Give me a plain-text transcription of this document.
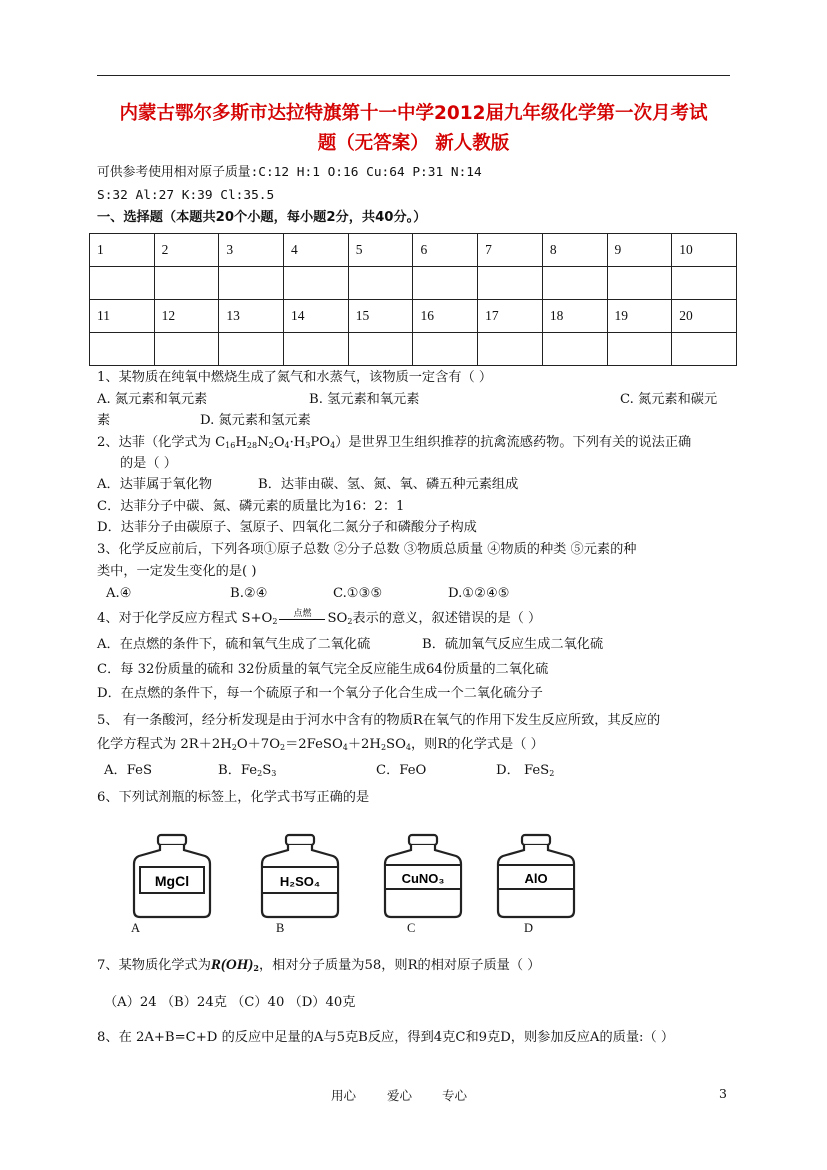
内蒙古鄂尔多斯市达拉特旗第十一中学2012届九年级化学第一次月考试
题（无答案） 新人教版
可供参考使用相对原子质量:C:12 H:1 O:16 Cu:64 P:31 N:14
S:32 Al:27 K:39 Cl:35.5
一、选择题（本题共20个小题，每小题2分，共40分。）
1	2	3	4	5	6	7	8	9	10

11	12	13	14	15	16	17	18	19	20

1、某物质在纯氧中燃烧生成了氮气和水蒸气，该物质一定含有（ ）
A. 氮元素和氧元素	B. 氢元素和氧元素	C. 氮元素和碳元
素	D. 氮元素和氢元素
2、达菲（化学式为 $C_{16}H_{28}N_2O_4\cdot H_3PO_4$）是世界卫生组织推荐的抗禽流感药物。下列有关的说法正确
的是（ ）
A．达菲属于氧化物	B．达菲由碳、氢、氮、氧、磷五种元素组成
C．达菲分子中碳、氮、磷元素的质量比为16：2：1
D．达菲分子由碳原子、氢原子、四氧化二氮分子和磷酸分子构成
3、化学反应前后，下列各项①原子总数 ②分子总数 ③物质总质量 ④物质的种类 ⑤元素的种
类中，一定发生变化的是( )
A.④	B.②④	C.①③⑤	D.①②④⑤
4、对于化学反应方程式 $S+O_2$点燃 $SO_2$表示的意义，叙述错误的是（ ）
A．在点燃的条件下，硫和氧气生成了二氧化硫	B．硫加氧气反应生成二氧化硫
C．每 32份质量的硫和 32份质量的氧气完全反应能生成64份质量的二氧化硫
D．在点燃的条件下，每一个硫原子和一个氧分子化合生成一个二氧化硫分子
5、 有一条酸河，经分析发现是由于河水中含有的物质R在氧气的作用下发生反应所致，其反应的
化学方程式为 $2R+2H_2O+7O_2=2FeSO_4+2H_2SO_4$，则R的化学式是（ ）
A．FeS	B．$Fe_2S_3$	C．FeO	D． FeS$_2$
6、下列试剂瓶的标签上，化学式书写正确的是
MgCl	H₂SO₄	CuNO₃	AlO
A	B	C	D
7、某物质化学式为$R(OH)_2$，相对分子质量为58，则R的相对原子质量（ ）
（A）24 （B）24克 （C）40 （D）40克
8、在 2A+B=C+D 的反应中足量的A与5克B反应，得到4克C和9克D，则参加反应A的质量:（ ）
用心 爱心 专心	3
